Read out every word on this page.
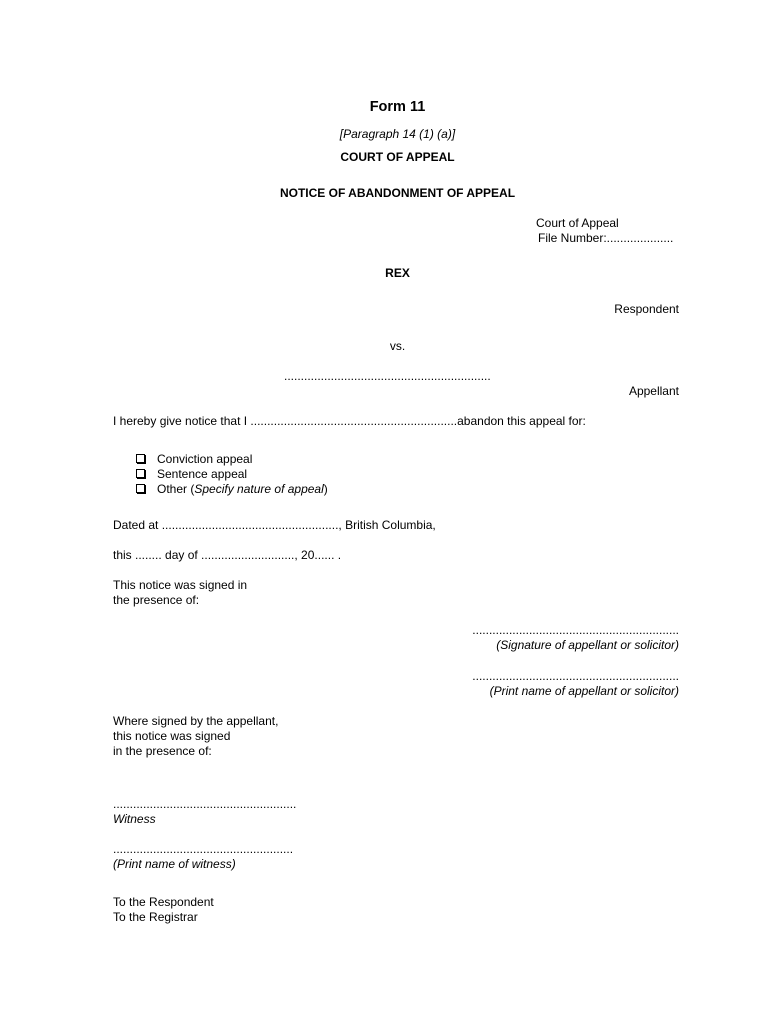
Form 11
[Paragraph 14 (1) (a)]
COURT OF APPEAL
NOTICE OF ABANDONMENT OF APPEAL
Court of Appeal
File Number:....................
REX
Respondent
vs.
..............................................................
Appellant
I hereby give notice that I ..............................................................abandon this appeal for:
Conviction appeal
Sentence appeal
Other (Specify nature of appeal)
Dated at ....................................................., British Columbia,
this ........ day of ............................, 20...... .
This notice was signed in
the presence of:
..............................................................
(Signature of appellant or solicitor)
..............................................................
(Print name of appellant or solicitor)
Where signed by the appellant,
this notice was signed
in the presence of:
.......................................................
Witness
......................................................
(Print name of witness)
To the Respondent
To the Registrar
